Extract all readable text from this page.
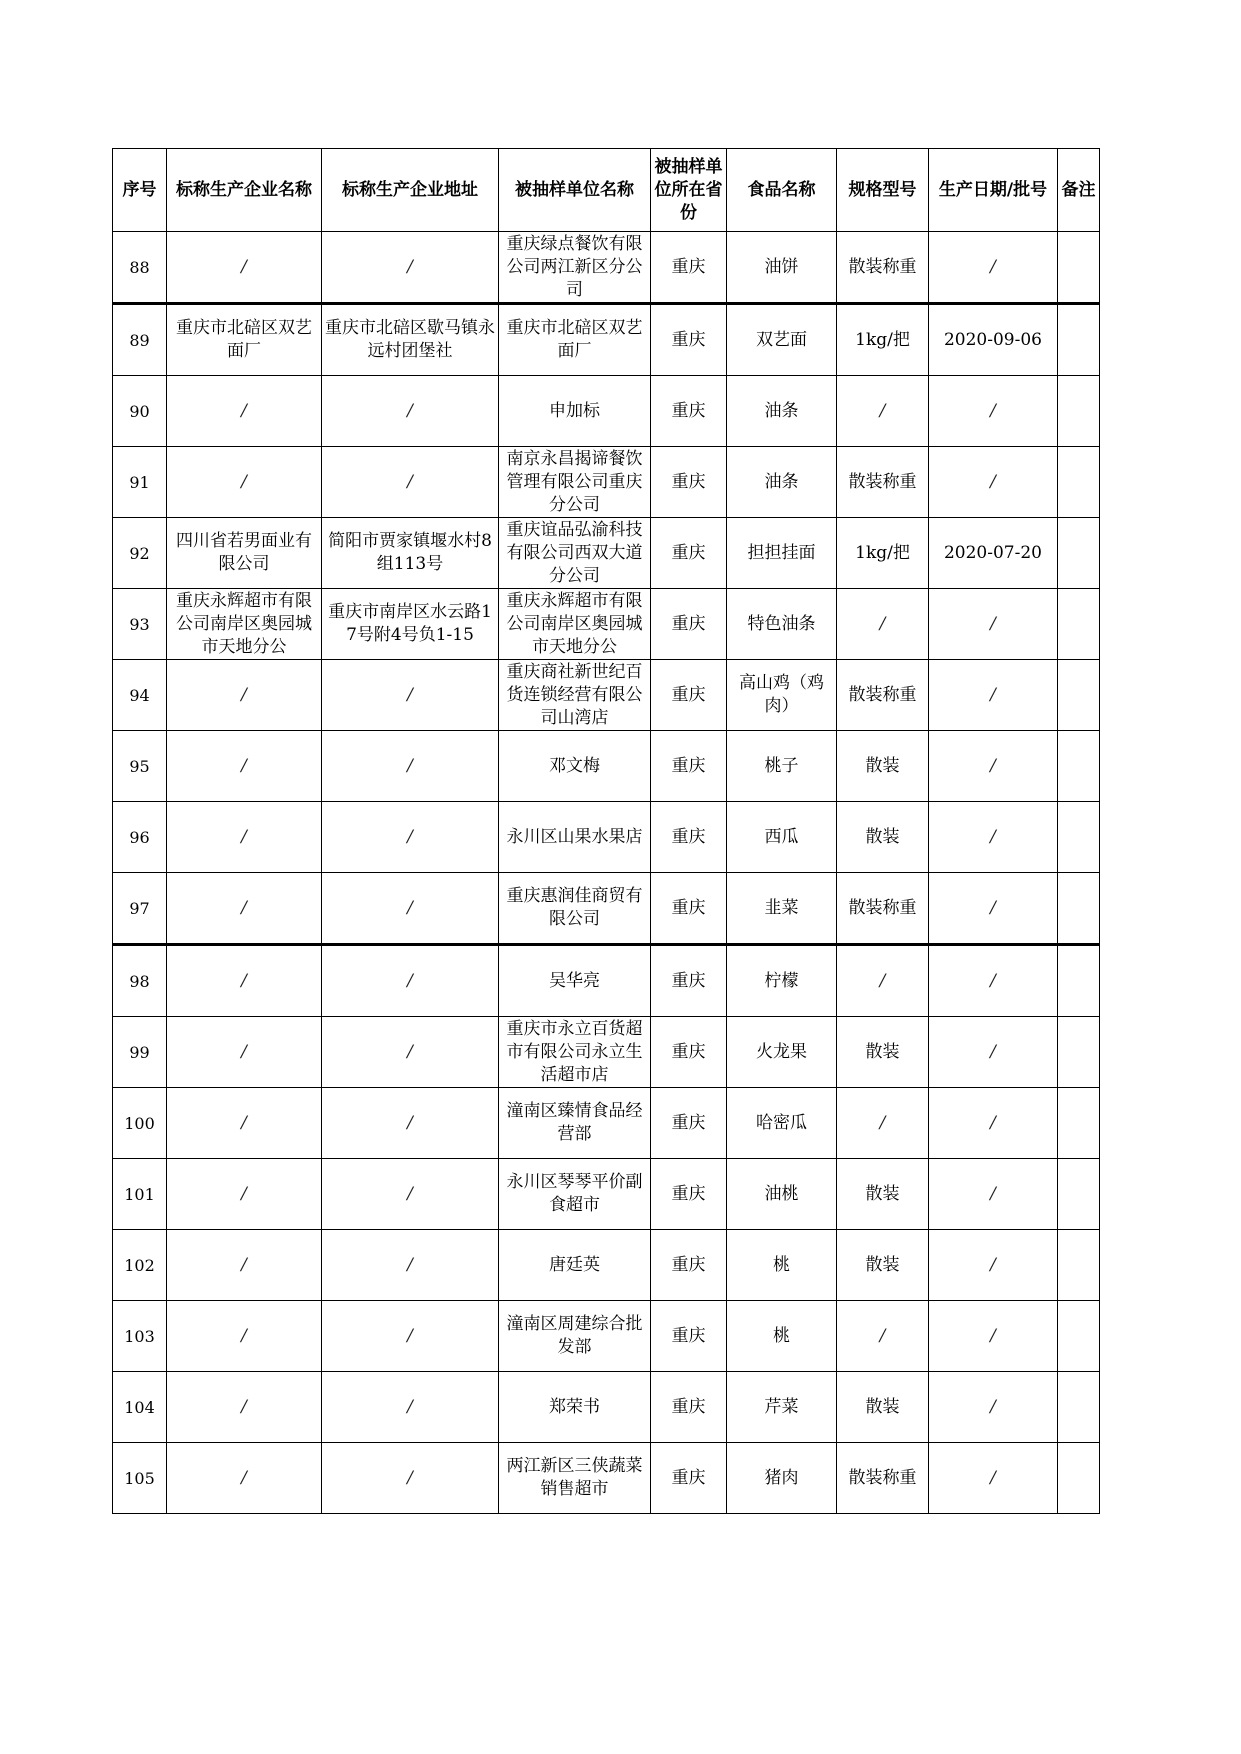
序号	标称生产企业名称	标称生产企业地址	被抽样单位名称	被抽样单位所在省份	食品名称	规格型号	生产日期/批号	备注
88	/	/	重庆绿点餐饮有限公司两江新区分公司	重庆	油饼	散装称重	/	
89	重庆市北碚区双艺面厂	重庆市北碚区歇马镇永远村团堡社	重庆市北碚区双艺面厂	重庆	双艺面	1kg/把	2020-09-06	
90	/	/	申加标	重庆	油条	/	/	
91	/	/	南京永昌揭谛餐饮管理有限公司重庆分公司	重庆	油条	散装称重	/	
92	四川省若男面业有限公司	简阳市贾家镇堰水村8组113号	重庆谊品弘渝科技有限公司西双大道分公司	重庆	担担挂面	1kg/把	2020-07-20	
93	重庆永辉超市有限公司南岸区奥园城市天地分公	重庆市南岸区水云路17号附4号负1-15	重庆永辉超市有限公司南岸区奥园城市天地分公	重庆	特色油条	/	/	
94	/	/	重庆商社新世纪百货连锁经营有限公司山湾店	重庆	高山鸡（鸡肉）	散装称重	/	
95	/	/	邓文梅	重庆	桃子	散装	/	
96	/	/	永川区山果水果店	重庆	西瓜	散装	/	
97	/	/	重庆惠润佳商贸有限公司	重庆	韭菜	散装称重	/	
98	/	/	吴华亮	重庆	柠檬	/	/	
99	/	/	重庆市永立百货超市有限公司永立生活超市店	重庆	火龙果	散装	/	
100	/	/	潼南区臻情食品经营部	重庆	哈密瓜	/	/	
101	/	/	永川区琴琴平价副食超市	重庆	油桃	散装	/	
102	/	/	唐廷英	重庆	桃	散装	/	
103	/	/	潼南区周建综合批发部	重庆	桃	/	/	
104	/	/	郑荣书	重庆	芹菜	散装	/	
105	/	/	两江新区三侠蔬菜销售超市	重庆	猪肉	散装称重	/	
